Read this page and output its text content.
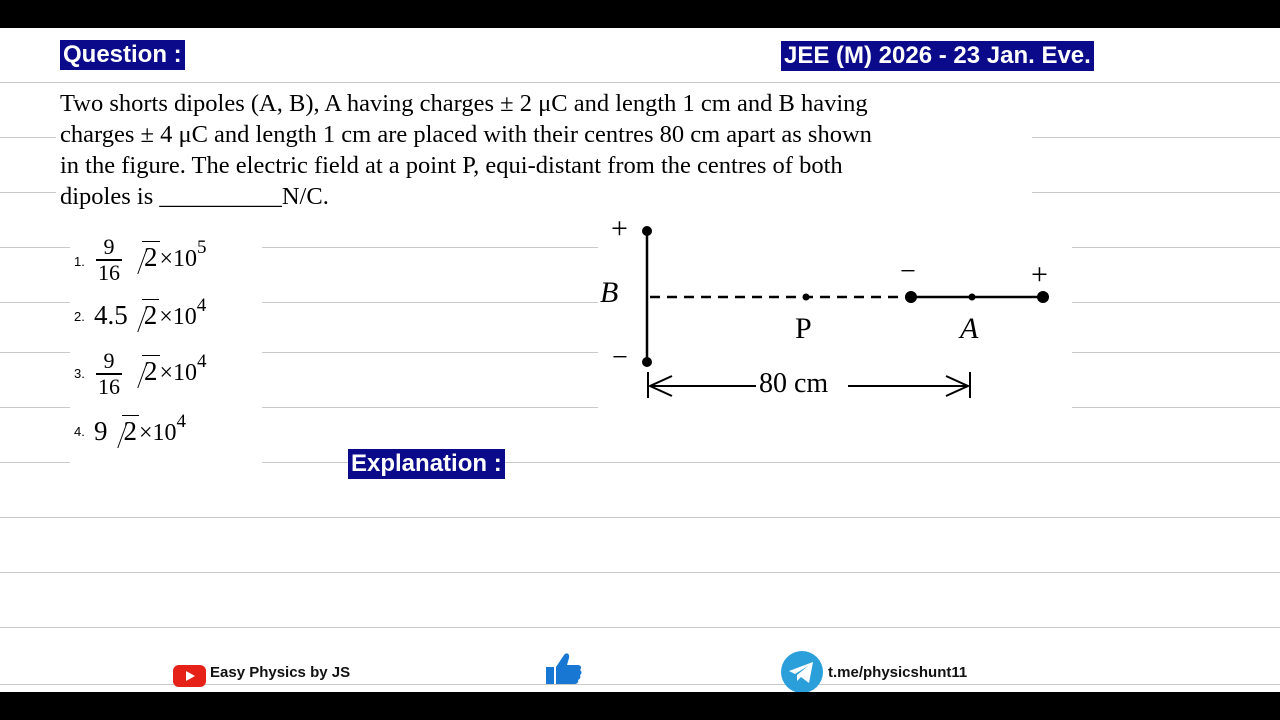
Question :	JEE (M) 2026 - 23 Jan. Eve.
Two shorts dipoles (A, B), A having charges ± 2 μC and length 1 cm and B having
charges ± 4 μC and length 1 cm are placed with their centres 80 cm apart as shown
in the figure. The electric field at a point P, equi-distant from the centres of both
dipoles is __________N/C.
1.
9
16 $2\times 10^5$
2. 4.5 $2\times 10^4$
3.
9
16 $2\times 10^4$
4. 9 $2\times 10^4$
+
−
B
−	+
P	A
80 cm
Explanation :
Easy Physics by JS	t.me/physicshunt11
